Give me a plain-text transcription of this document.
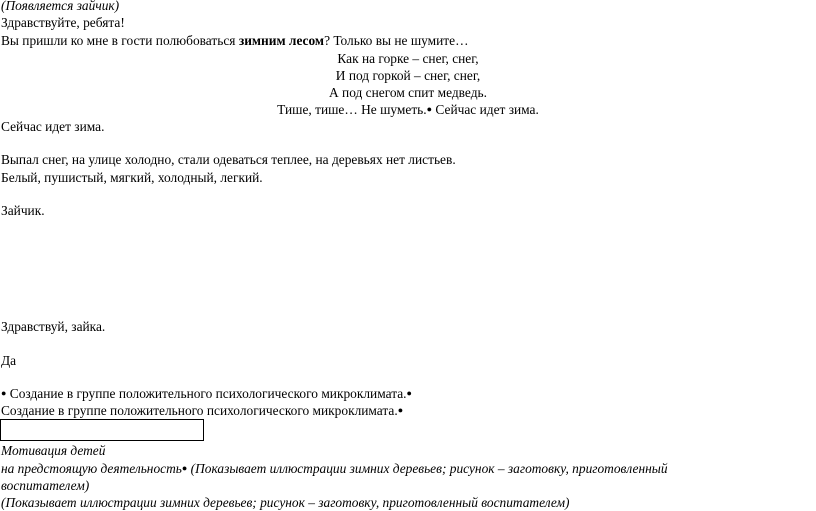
(Появляется зайчик)
Здравствуйте, ребята!
Вы пришли ко мне в гости полюбоваться зимним лесом? Только вы не шумите…
Как на горке – снег, снег,
И под горкой – снег, снег,
А под снегом спит медведь.
Тише, тише… Не шуметь.● Сейчас идет зима.
Сейчас идет зима.
Выпал снег, на улице холодно, стали одеваться теплее, на деревьях нет листьев.
Белый, пушистый, мягкий, холодный, легкий.
Зайчик.
Здравствуй, зайка.
Да
● Создание в группе положительного психологического микроклимата.●
Создание в группе положительного психологического микроклимата.●
Мотивация детей
на предстоящую деятельность● (Показывает иллюстрации зимних деревьев; рисунок – заготовку, приготовленный
воспитателем)
(Показывает иллюстрации зимних деревьев; рисунок – заготовку, приготовленный воспитателем)
